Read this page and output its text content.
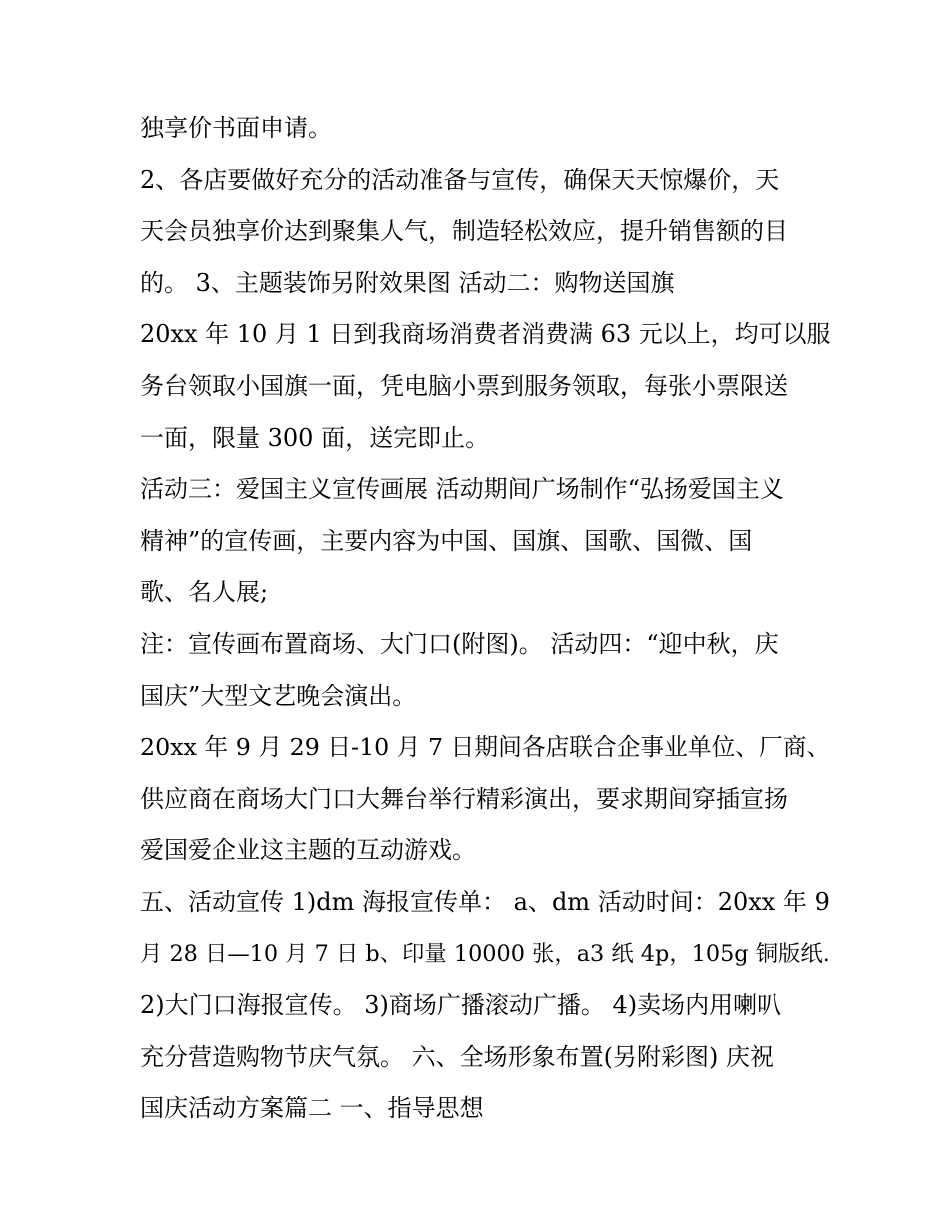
独享价书面申请。
2、各店要做好充分的活动准备与宣传，确保天天惊爆价，天
天会员独享价达到聚集人气，制造轻松效应，提升销售额的目
的。 3、主题装饰另附效果图 活动二：购物送国旗
20xx 年 10 月 1 日到我商场消费者消费满 63 元以上，均可以服
务台领取小国旗一面，凭电脑小票到服务领取，每张小票限送
一面，限量 300 面，送完即止。
活动三：爱国主义宣传画展 活动期间广场制作“弘扬爱国主义
精神”的宣传画，主要内容为中国、国旗、国歌、国微、国
歌、名人展;
注：宣传画布置商场、大门口(附图)。 活动四：“迎中秋，庆
国庆”大型文艺晚会演出。
20xx 年 9 月 29 日-10 月 7 日期间各店联合企事业单位、厂商、
供应商在商场大门口大舞台举行精彩演出，要求期间穿插宣扬
爱国爱企业这主题的互动游戏。
五、活动宣传 1)dm 海报宣传单： a、dm 活动时间：20xx 年 9
月 28 日—10 月 7 日 b、印量 10000 张，a3 纸 4p，105g 铜版纸.
2)大门口海报宣传。 3)商场广播滚动广播。 4)卖场内用喇叭
充分营造购物节庆气氛。 六、全场形象布置(另附彩图) 庆祝
国庆活动方案篇二 一、指导思想
